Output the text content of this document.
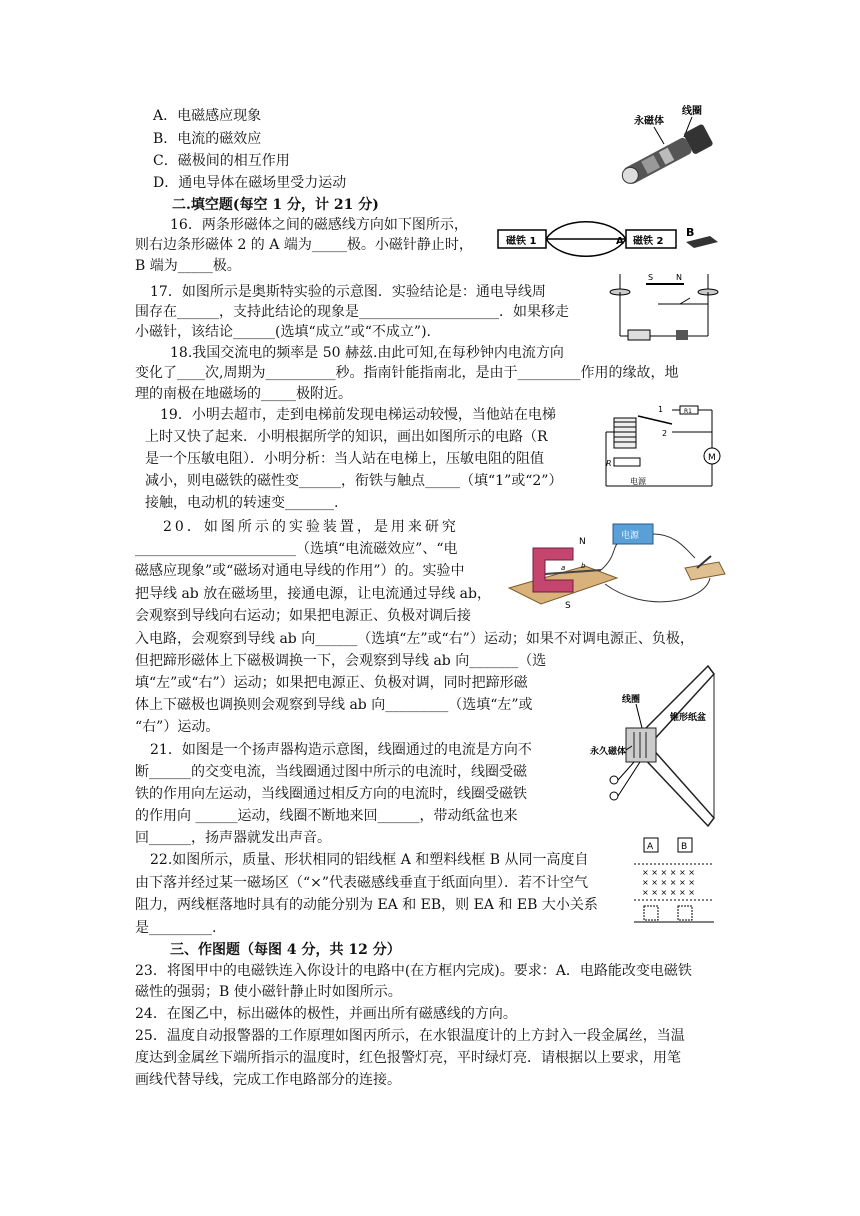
A．电磁感应现象
B．电流的磁效应
C．磁极间的相互作用
D．通电导体在磁场里受力运动
永磁体
线圈
二.填空题(每空 1 分，计 21 分)
16．两条形磁体之间的磁感线方向如下图所示，
则右边条形磁体 2 的 A 端为_____极。小磁针静止时，
B 端为_____极。
磁铁 1	磁铁 2
A
B
17．如图所示是奥斯特实验的示意图．实验结论是：通电导线周
围存在______，支持此结论的现象是____________________．如果移走
小磁针，该结论______(选填“成立”或“不成立”).
S	N
18.我国交流电的频率是 50 赫兹.由此可知,在每秒钟内电流方向
变化了____次,周期为__________秒。指南针能指南北，是由于_________作用的缘故，地
理的南极在地磁场的_____极附近。
19．小明去超市，走到电梯前发现电梯运动较慢，当他站在电梯
上时又快了起来．小明根据所学的知识，画出如图所示的电路（R
是一个压敏电阻）．小明分析：当人站在电梯上，压敏电阻的阻值
减小，则电磁铁的磁性变______，衔铁与触点_____（填“1”或“2”）
接触，电动机的转速变_______.
1
2
R1
M
R
电源
20．如图所示的实验装置，是用来研究
_______________________（选填“电流磁效应”、“电
磁感应现象”或“磁场对通电导线的作用”）的。实验中
把导线 ab 放在磁场里，接通电源，让电流通过导线 ab，
会观察到导线向右运动；如果把电源正、负极对调后接
入电路，会观察到导线 ab 向______（选填“左”或“右”）运动；如果不对调电源正、负极，
但把蹄形磁体上下磁极调换一下，会观察到导线 ab 向_______（选
填“左”或“右”）运动；如果把电源正、负极对调，同时把蹄形磁
体上下磁极也调换则会观察到导线 ab 向_________（选填“左”或
“右”）运动。
N
S
a b
电源
21．如图是一个扬声器构造示意图，线圈通过的电流是方向不
断______的交变电流，当线圈通过图中所示的电流时，线圈受磁
铁的作用向左运动，当线圈通过相反方向的电流时，线圈受磁铁
的作用向 ______运动，线圈不断地来回______，带动纸盆也来
回______，扬声器就发出声音。
线圈
锥形纸盆
永久磁体
22.如图所示，质量、形状相同的铝线框 A 和塑料线框 B 从同一高度自
由下落并经过某一磁场区（“×”代表磁感线垂直于纸面向里）．若不计空气
阻力，两线框落地时具有的动能分别为 EA 和 EB，则 EA 和 EB 大小关系
是_________.
A	B
× × × × × ×
× × × × × ×
× × × × × ×
三、作图题（每图 4 分，共 12 分）
23．将图甲中的电磁铁连入你设计的电路中(在方框内完成)。要求：A．电路能改变电磁铁
磁性的强弱；B 使小磁针静止时如图所示。
24．在图乙中，标出磁体的极性，并画出所有磁感线的方向。
25．温度自动报警器的工作原理如图丙所示，在水银温度计的上方封入一段金属丝，当温
度达到金属丝下端所指示的温度时，红色报警灯亮，平时绿灯亮．请根据以上要求，用笔
画线代替导线，完成工作电路部分的连接。
